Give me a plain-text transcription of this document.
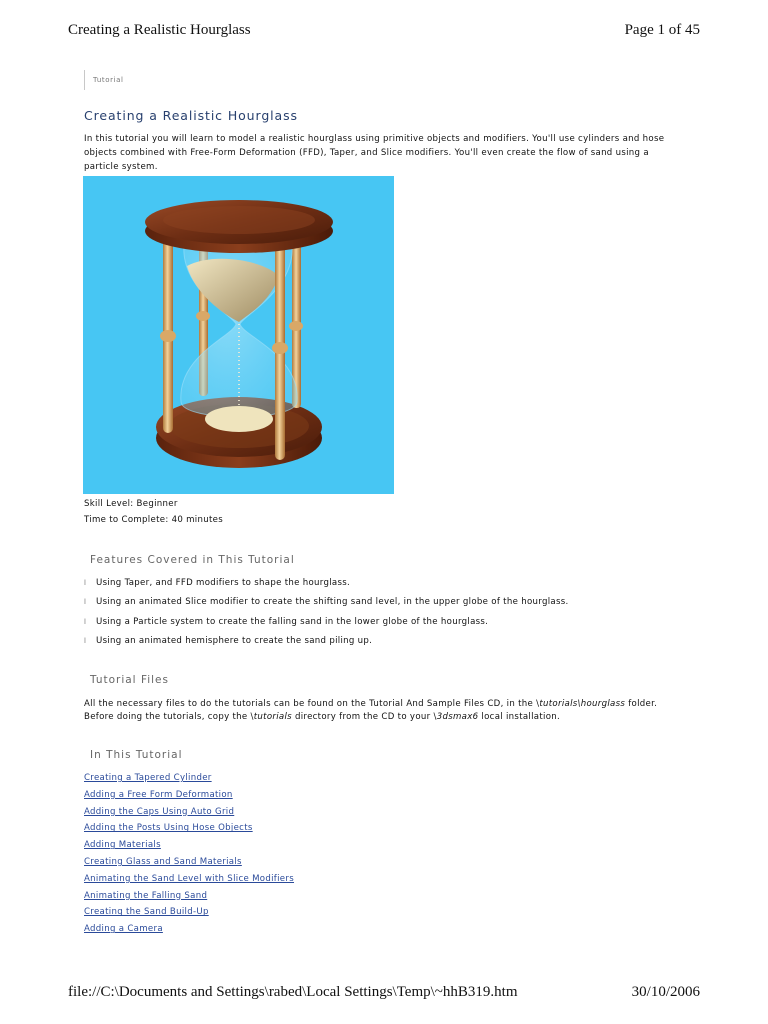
Creating a Realistic Hourglass	Page 1 of 45
Tutorial
Creating a Realistic Hourglass

In this tutorial you will learn to model a realistic hourglass using primitive objects and modifiers. You'll use cylinders and hose objects combined with Free-Form Deformation (FFD), Taper, and Slice modifiers. You'll even create the flow of sand using a particle system.

Skill Level: Beginner
Time to Complete: 40 minutes
Features Covered in This Tutorial
l	Using Taper, and FFD modifiers to shape the hourglass.
l	Using an animated Slice modifier to create the shifting sand level, in the upper globe of the hourglass.
l	Using a Particle system to create the falling sand in the lower globe of the hourglass.
l	Using an animated hemisphere to create the sand piling up.
Tutorial Files

All the necessary files to do the tutorials can be found on the Tutorial And Sample Files CD, in the \tutorials\hourglass folder.
Before doing the tutorials, copy the \tutorials directory from the CD to your \3dsmax6 local installation.

In This Tutorial
Creating a Tapered Cylinder
Adding a Free Form Deformation
Adding the Caps Using Auto Grid
Adding the Posts Using Hose Objects
Adding Materials
Creating Glass and Sand Materials
Animating the Sand Level with Slice Modifiers
Animating the Falling Sand
Creating the Sand Build-Up
Adding a Camera
file://C:\Documents and Settings\rabed\Local Settings\Temp\~hhB319.htm	30/10/2006
